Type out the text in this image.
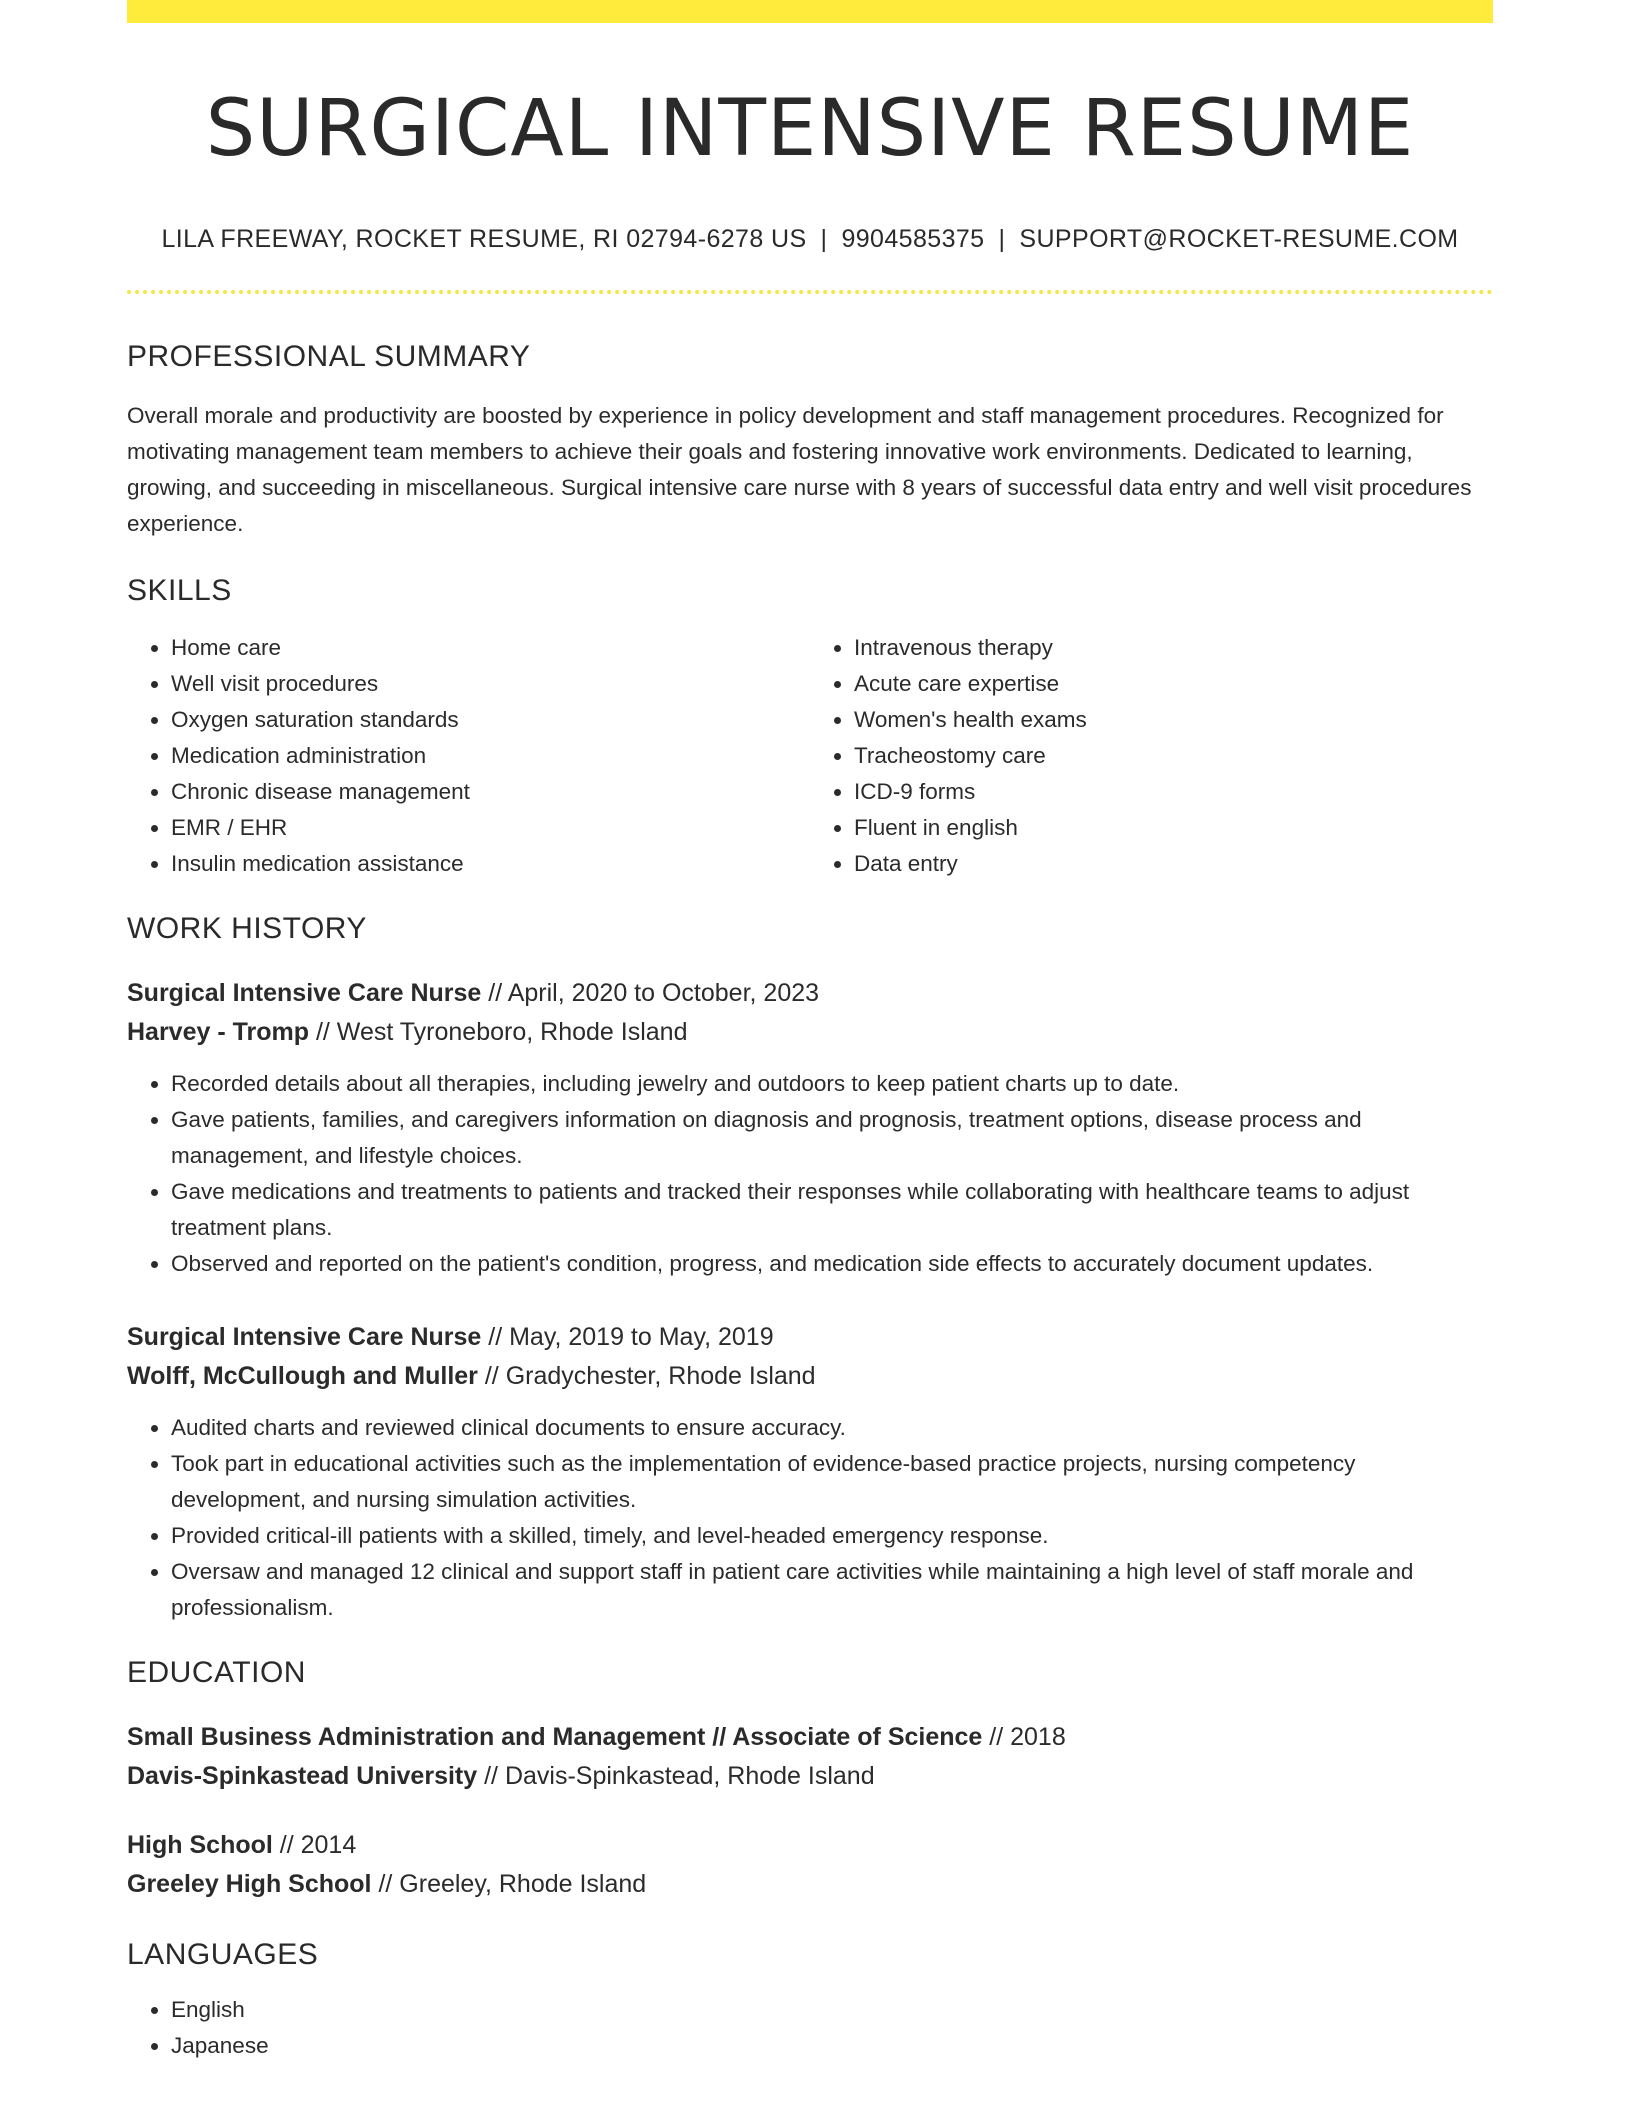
SURGICAL INTENSIVE RESUME
LILA FREEWAY, ROCKET RESUME, RI 02794-6278 US | 9904585375 | SUPPORT@ROCKET-RESUME.COM
PROFESSIONAL SUMMARY
Overall morale and productivity are boosted by experience in policy development and staff management procedures. Recognized for motivating management team members to achieve their goals and fostering innovative work environments. Dedicated to learning, growing, and succeeding in miscellaneous. Surgical intensive care nurse with 8 years of successful data entry and well visit procedures experience.
SKILLS
• Home care
• Well visit procedures
• Oxygen saturation standards
• Medication administration
• Chronic disease management
• EMR / EHR
• Insulin medication assistance
• Intravenous therapy
• Acute care expertise
• Women's health exams
• Tracheostomy care
• ICD-9 forms
• Fluent in english
• Data entry
WORK HISTORY
Surgical Intensive Care Nurse // April, 2020 to October, 2023
Harvey - Tromp // West Tyroneboro, Rhode Island
• Recorded details about all therapies, including jewelry and outdoors to keep patient charts up to date.
• Gave patients, families, and caregivers information on diagnosis and prognosis, treatment options, disease process and management, and lifestyle choices.
• Gave medications and treatments to patients and tracked their responses while collaborating with healthcare teams to adjust treatment plans.
• Observed and reported on the patient's condition, progress, and medication side effects to accurately document updates.
Surgical Intensive Care Nurse // May, 2019 to May, 2019
Wolff, McCullough and Muller // Gradychester, Rhode Island
• Audited charts and reviewed clinical documents to ensure accuracy.
• Took part in educational activities such as the implementation of evidence-based practice projects, nursing competency development, and nursing simulation activities.
• Provided critical-ill patients with a skilled, timely, and level-headed emergency response.
• Oversaw and managed 12 clinical and support staff in patient care activities while maintaining a high level of staff morale and professionalism.
EDUCATION
Small Business Administration and Management // Associate of Science // 2018
Davis-Spinkastead University // Davis-Spinkastead, Rhode Island
High School // 2014
Greeley High School // Greeley, Rhode Island
LANGUAGES
• English
• Japanese
